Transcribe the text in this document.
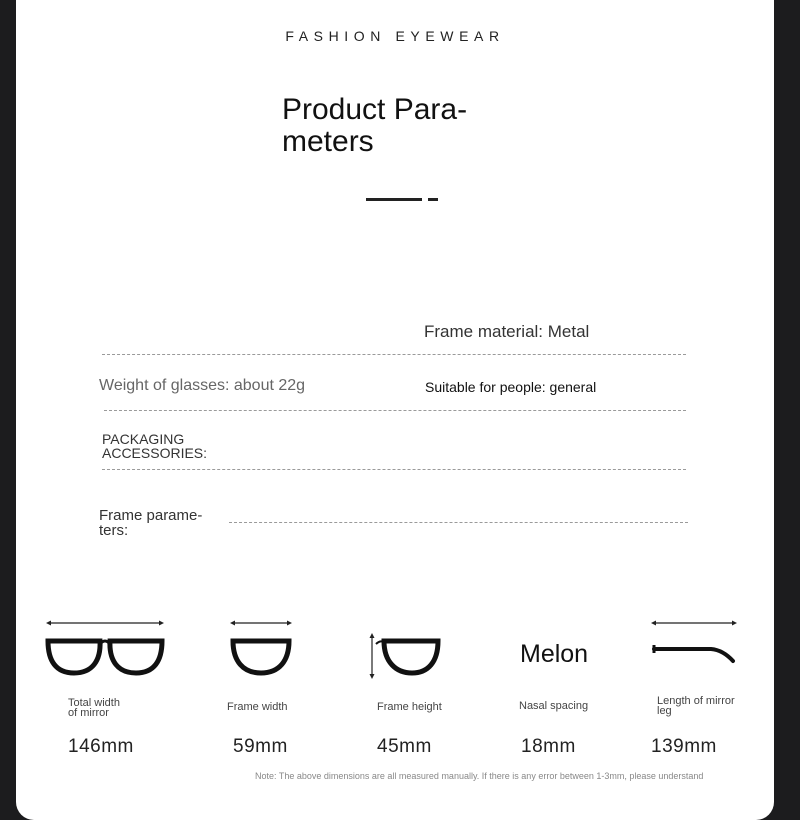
FASHION EYEWEAR
Product Para-
meters
Frame material: Metal
Weight of glasses: about 22g	Suitable for people: general
PACKAGING
ACCESSORIES:
Frame parame-
ters:
Melon
Total width
of mirror	Frame width	Frame height	Nasal spacing	Length of mirror
leg
146mm	59mm	45mm	18mm	139mm
Note: The above dimensions are all measured manually. If there is any error between 1-3mm, please understand
